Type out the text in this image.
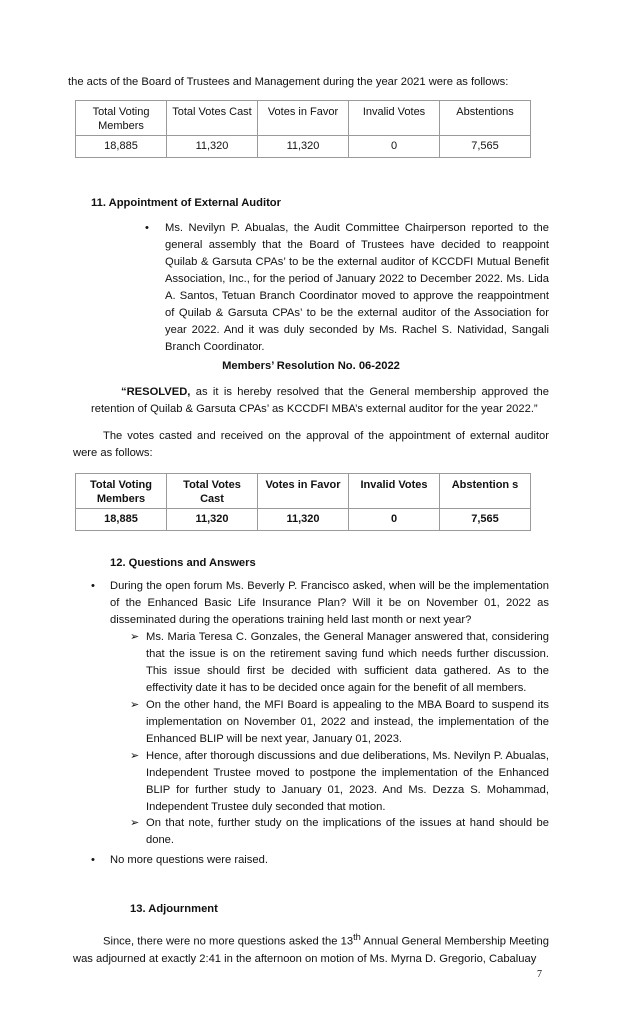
the acts of the Board of Trustees and Management during the year 2021 were as follows:
Total Voting Members	Total Votes Cast	Votes in Favor	Invalid Votes	Abstentions
18,885	11,320	11,320	0	7,565
11. Appointment of External Auditor
• Ms. Nevilyn P. Abualas, the Audit Committee Chairperson reported to the general assembly that the Board of Trustees have decided to reappoint Quilab & Garsuta CPAs’ to be the external auditor of KCCDFI Mutual Benefit Association, Inc., for the period of January 2022 to December 2022. Ms. Lida A. Santos, Tetuan Branch Coordinator moved to approve the reappointment of Quilab & Garsuta CPAs’ to be the external auditor of the Association for year 2022. And it was duly seconded by Ms. Rachel S. Natividad, Sangali Branch Coordinator.
Members’ Resolution No. 06-2022
“RESOLVED, as it is hereby resolved that the General membership approved the retention of Quilab & Garsuta CPAs’ as KCCDFI MBA’s external auditor for the year 2022.”
The votes casted and received on the approval of the appointment of external auditor were as follows:
Total Voting Members	Total Votes Cast	Votes in Favor	Invalid Votes	Abstention s
18,885	11,320	11,320	0	7,565
12. Questions and Answers
• During the open forum Ms. Beverly P. Francisco asked, when will be the implementation of the Enhanced Basic Life Insurance Plan? Will it be on November 01, 2022 as disseminated during the operations training held last month or next year?
➢ Ms. Maria Teresa C. Gonzales, the General Manager answered that, considering that the issue is on the retirement saving fund which needs further discussion. This issue should first be decided with sufficient data gathered. As to the effectivity date it has to be decided once again for the benefit of all members.
➢ On the other hand, the MFI Board is appealing to the MBA Board to suspend its implementation on November 01, 2022 and instead, the implementation of the Enhanced BLIP will be next year, January 01, 2023.
➢ Hence, after thorough discussions and due deliberations, Ms. Nevilyn P. Abualas, Independent Trustee moved to postpone the implementation of the Enhanced BLIP for further study to January 01, 2023. And Ms. Dezza S. Mohammad, Independent Trustee duly seconded that motion.
➢ On that note, further study on the implications of the issues at hand should be done.
• No more questions were raised.
13. Adjournment
Since, there were no more questions asked the 13th Annual General Membership Meeting was adjourned at exactly 2:41 in the afternoon on motion of Ms. Myrna D. Gregorio, Cabaluay
7
